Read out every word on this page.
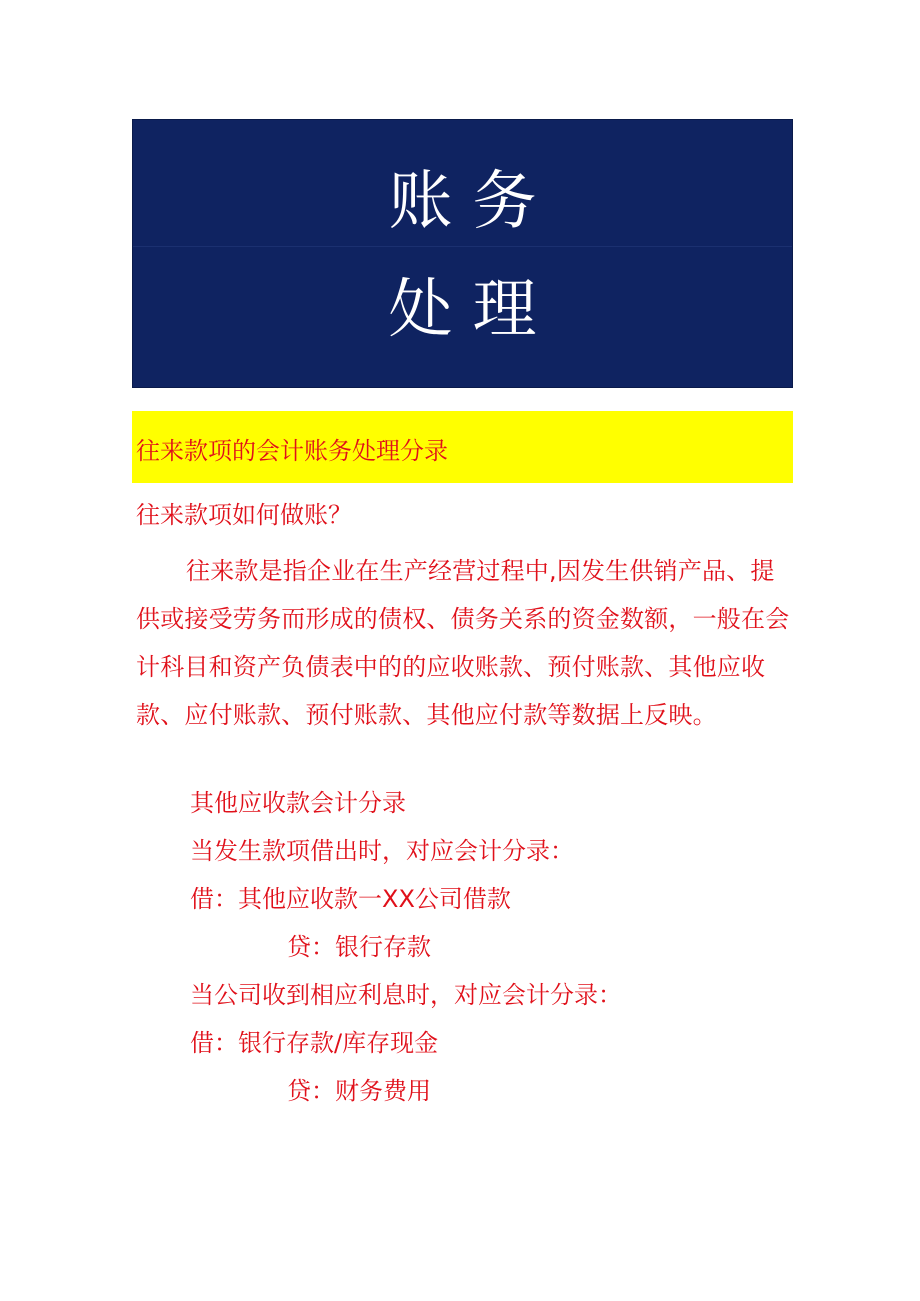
账务
处理
往来款项的会计账务处理分录
往来款项如何做账？
往来款是指企业在生产经营过程中,因发生供销产品、提供或接受劳务而形成的债权、债务关系的资金数额，一般在会计科目和资产负债表中的的应收账款、预付账款、其他应收款、应付账款、预付账款、其他应付款等数据上反映。
其他应收款会计分录
当发生款项借出时，对应会计分录：
借：其他应收款一XX公司借款
贷：银行存款
当公司收到相应利息时，对应会计分录：
借：银行存款/库存现金
贷：财务费用
